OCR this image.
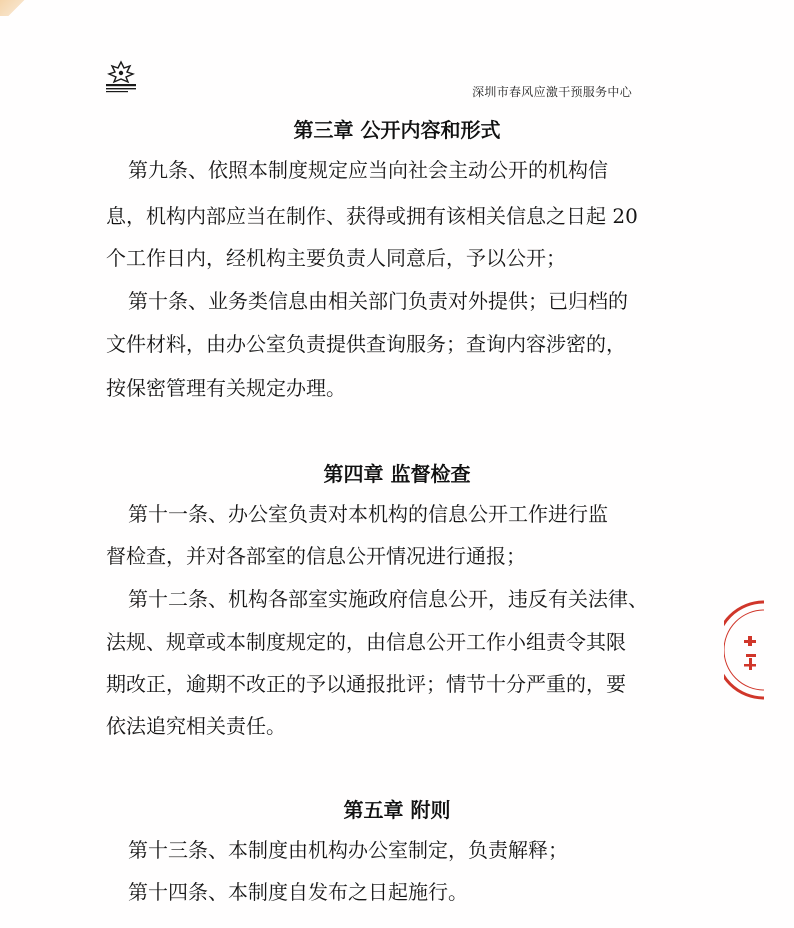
深圳市春风应激干预服务中心
第三章 公开内容和形式
第九条、依照本制度规定应当向社会主动公开的机构信
息，机构内部应当在制作、获得或拥有该相关信息之日起 20
个工作日内，经机构主要负责人同意后，予以公开；
第十条、业务类信息由相关部门负责对外提供；已归档的
文件材料，由办公室负责提供查询服务；查询内容涉密的，
按保密管理有关规定办理。
第四章 监督检查
第十一条、办公室负责对本机构的信息公开工作进行监
督检查，并对各部室的信息公开情况进行通报；
第十二条、机构各部室实施政府信息公开，违反有关法律、
法规、规章或本制度规定的，由信息公开工作小组责令其限
期改正，逾期不改正的予以通报批评；情节十分严重的，要
依法追究相关责任。
第五章 附则
第十三条、本制度由机构办公室制定，负责解释；
第十四条、本制度自发布之日起施行。
